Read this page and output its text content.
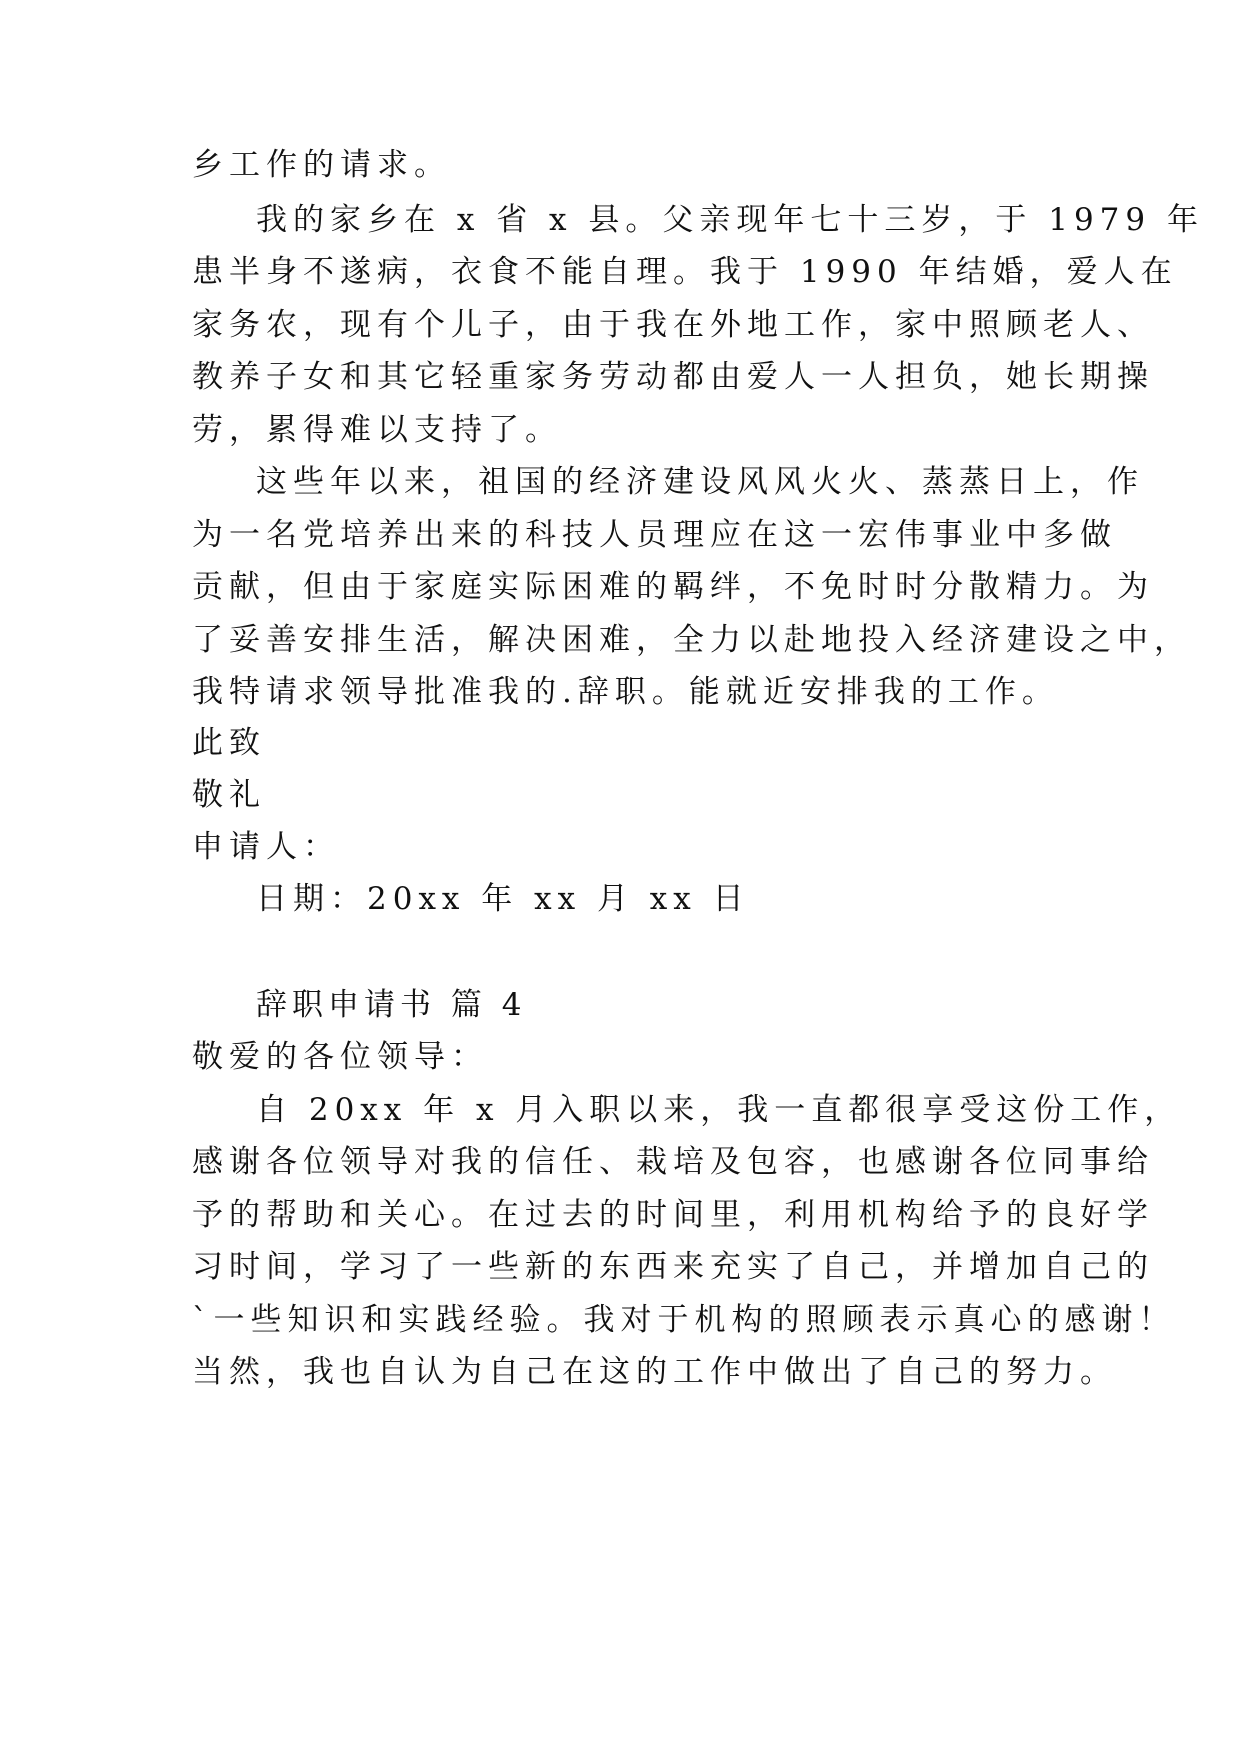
乡工作的请求。
我的家乡在 x 省 x 县。父亲现年七十三岁，于 1979 年
患半身不遂病，衣食不能自理。我于 1990 年结婚，爱人在
家务农，现有个儿子，由于我在外地工作，家中照顾老人、
教养子女和其它轻重家务劳动都由爱人一人担负，她长期操
劳，累得难以支持了。
这些年以来，祖国的经济建设风风火火、蒸蒸日上，作
为一名党培养出来的科技人员理应在这一宏伟事业中多做
贡献，但由于家庭实际困难的羁绊，不免时时分散精力。为
了妥善安排生活，解决困难，全力以赴地投入经济建设之中，
我特请求领导批准我的.辞职。能就近安排我的工作。
此致
敬礼
申请人：
日期：20xx 年 xx 月 xx 日
辞职申请书 篇 4
敬爱的各位领导：
自 20xx 年 x 月入职以来，我一直都很享受这份工作，
感谢各位领导对我的信任、栽培及包容，也感谢各位同事给
予的帮助和关心。在过去的时间里，利用机构给予的良好学
习时间，学习了一些新的东西来充实了自己，并增加自己的
`一些知识和实践经验。我对于机构的照顾表示真心的感谢！
当然，我也自认为自己在这的工作中做出了自己的努力。
